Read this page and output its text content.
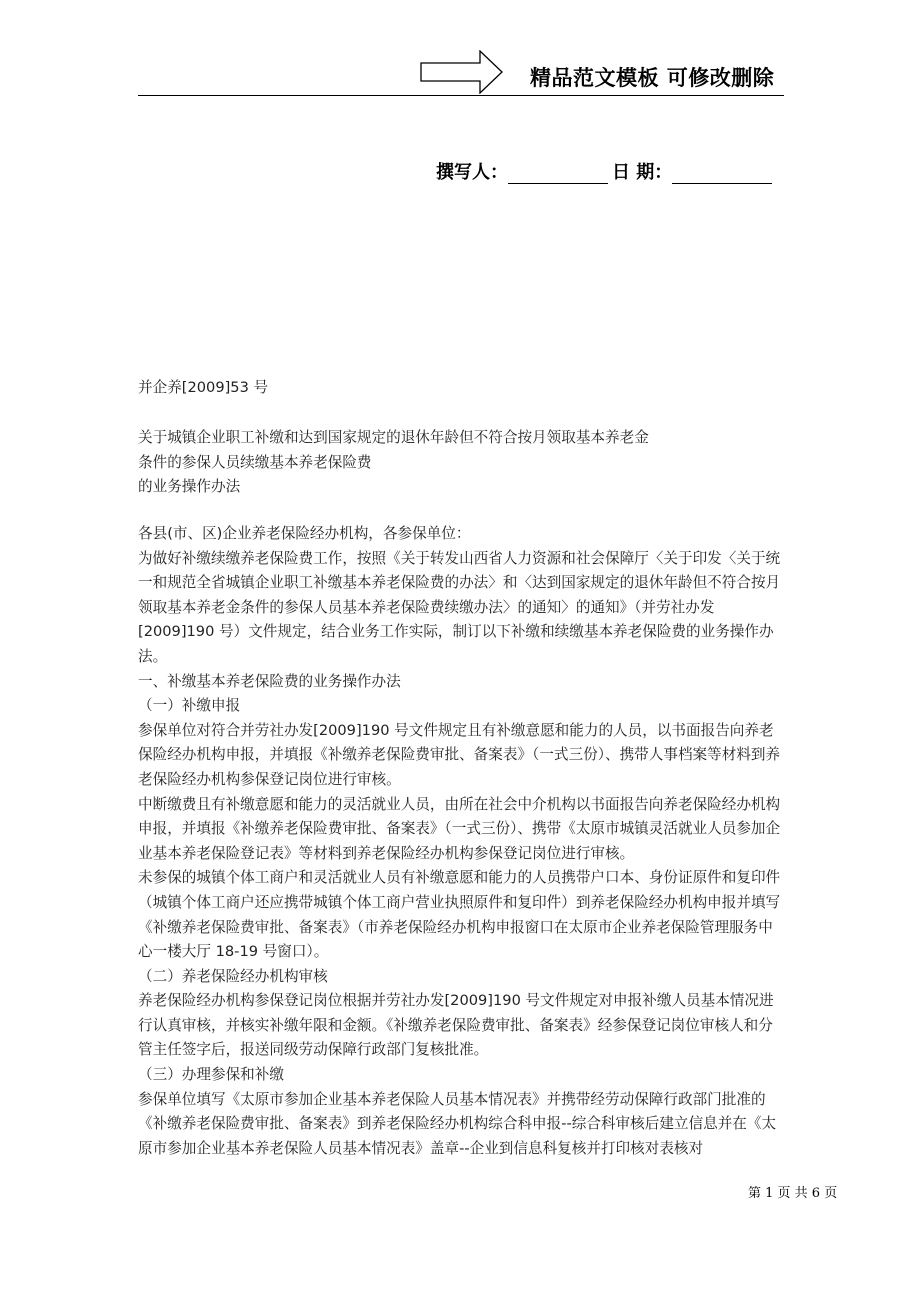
精品范文模板 可修改删除
撰写人：	日 期：

并企养[2009]53 号

关于城镇企业职工补缴和达到国家规定的退休年龄但不符合按月领取基本养老金

条件的参保人员续缴基本养老保险费

的业务操作办法

各县(市、区)企业养老保险经办机构，各参保单位：

为做好补缴续缴养老保险费工作，按照《关于转发山西省人力资源和社会保障厅〈关于印发〈关于统一和规范全省城镇企业职工补缴基本养老保险费的办法〉和〈达到国家规定的退休年龄但不符合按月领取基本养老金条件的参保人员基本养老保险费续缴办法〉的通知〉的通知》（并劳社办发[2009]190 号）文件规定，结合业务工作实际，制订以下补缴和续缴基本养老保险费的业务操作办法。

一、补缴基本养老保险费的业务操作办法

（一）补缴申报

参保单位对符合并劳社办发[2009]190 号文件规定且有补缴意愿和能力的人员，以书面报告向养老保险经办机构申报，并填报《补缴养老保险费审批、备案表》（一式三份）、携带人事档案等材料到养老保险经办机构参保登记岗位进行审核。

中断缴费且有补缴意愿和能力的灵活就业人员，由所在社会中介机构以书面报告向养老保险经办机构申报，并填报《补缴养老保险费审批、备案表》（一式三份）、携带《太原市城镇灵活就业人员参加企业基本养老保险登记表》等材料到养老保险经办机构参保登记岗位进行审核。

未参保的城镇个体工商户和灵活就业人员有补缴意愿和能力的人员携带户口本、身份证原件和复印件（城镇个体工商户还应携带城镇个体工商户营业执照原件和复印件）到养老保险经办机构申报并填写《补缴养老保险费审批、备案表》（市养老保险经办机构申报窗口在太原市企业养老保险管理服务中心一楼大厅 18-19 号窗口）。

（二）养老保险经办机构审核

养老保险经办机构参保登记岗位根据并劳社办发[2009]190 号文件规定对申报补缴人员基本情况进行认真审核，并核实补缴年限和金额。《补缴养老保险费审批、备案表》经参保登记岗位审核人和分管主任签字后，报送同级劳动保障行政部门复核批准。

（三）办理参保和补缴

参保单位填写《太原市参加企业基本养老保险人员基本情况表》并携带经劳动保障行政部门批准的《补缴养老保险费审批、备案表》到养老保险经办机构综合科申报--综合科审核后建立信息并在《太原市参加企业基本养老保险人员基本情况表》盖章--企业到信息科复核并打印核对表核对

第 1 页 共 6 页
